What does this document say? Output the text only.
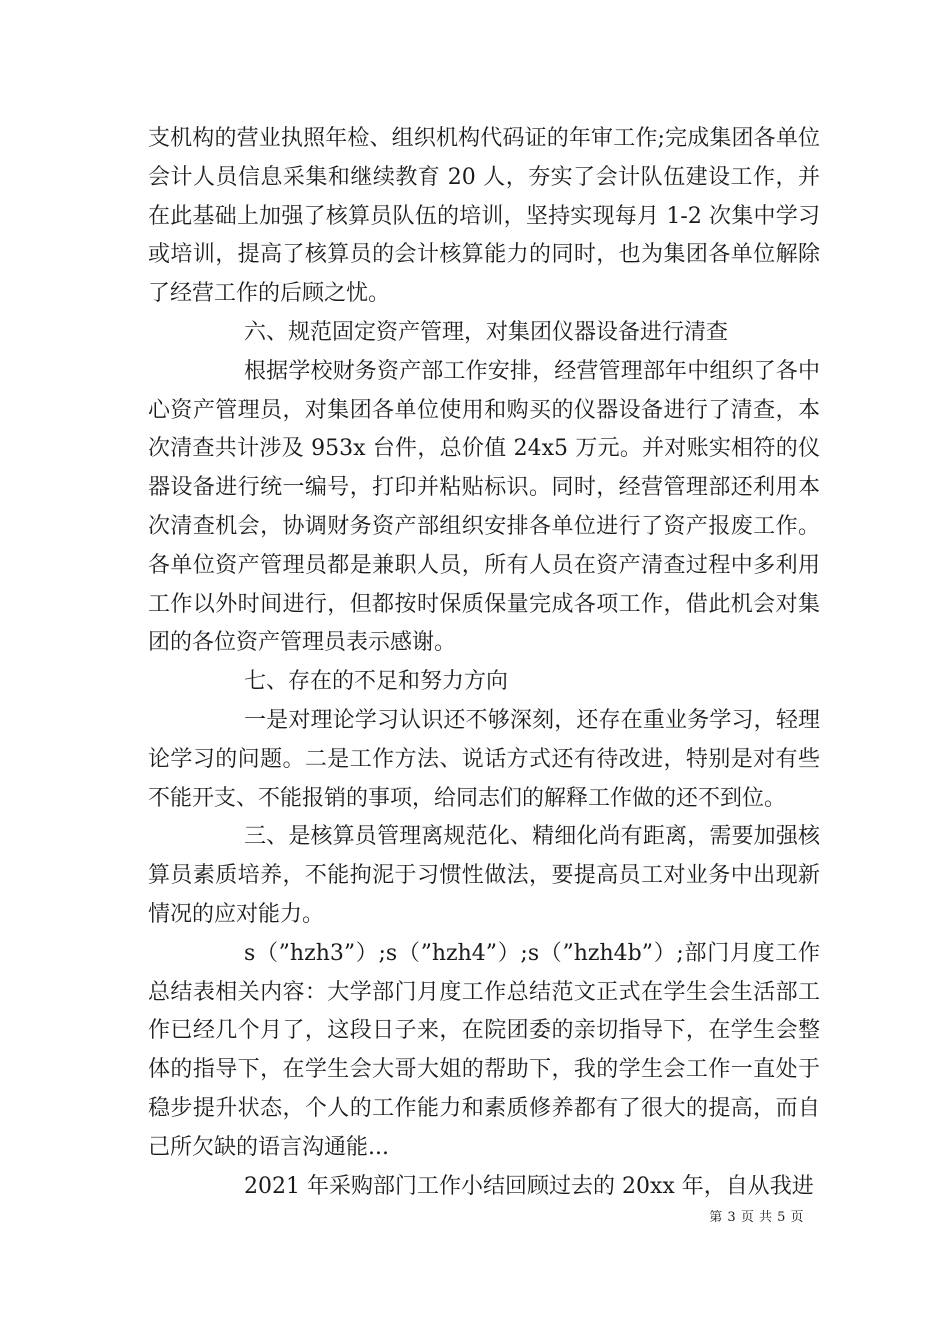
支机构的营业执照年检、组织机构代码证的年审工作;完成集团各单位会计人员信息采集和继续教育 20 人，夯实了会计队伍建设工作，并在此基础上加强了核算员队伍的培训，坚持实现每月 1-2 次集中学习或培训，提高了核算员的会计核算能力的同时，也为集团各单位解除了经营工作的后顾之忧。

六、规范固定资产管理，对集团仪器设备进行清查

根据学校财务资产部工作安排，经营管理部年中组织了各中心资产管理员，对集团各单位使用和购买的仪器设备进行了清查，本次清查共计涉及 953x 台件，总价值 24x5 万元。并对账实相符的仪器设备进行统一编号，打印并粘贴标识。同时，经营管理部还利用本次清查机会，协调财务资产部组织安排各单位进行了资产报废工作。各单位资产管理员都是兼职人员，所有人员在资产清查过程中多利用工作以外时间进行，但都按时保质保量完成各项工作，借此机会对集团的各位资产管理员表示感谢。

七、存在的不足和努力方向

一是对理论学习认识还不够深刻，还存在重业务学习，轻理论学习的问题。二是工作方法、说话方式还有待改进，特别是对有些不能开支、不能报销的事项，给同志们的解释工作做的还不到位。

三、是核算员管理离规范化、精细化尚有距离，需要加强核算员素质培养，不能拘泥于习惯性做法，要提高员工对业务中出现新情况的应对能力。

s（”hzh3”）;s（”hzh4”）;s（”hzh4b”）;部门月度工作总结表相关内容：大学部门月度工作总结范文正式在学生会生活部工作已经几个月了，这段日子来，在院团委的亲切指导下，在学生会整体的指导下，在学生会大哥大姐的帮助下，我的学生会工作一直处于稳步提升状态，个人的工作能力和素质修养都有了很大的提高，而自己所欠缺的语言沟通能...

2021 年采购部门工作小结回顾过去的 20xx 年，自从我进

第 3 页 共 5 页
